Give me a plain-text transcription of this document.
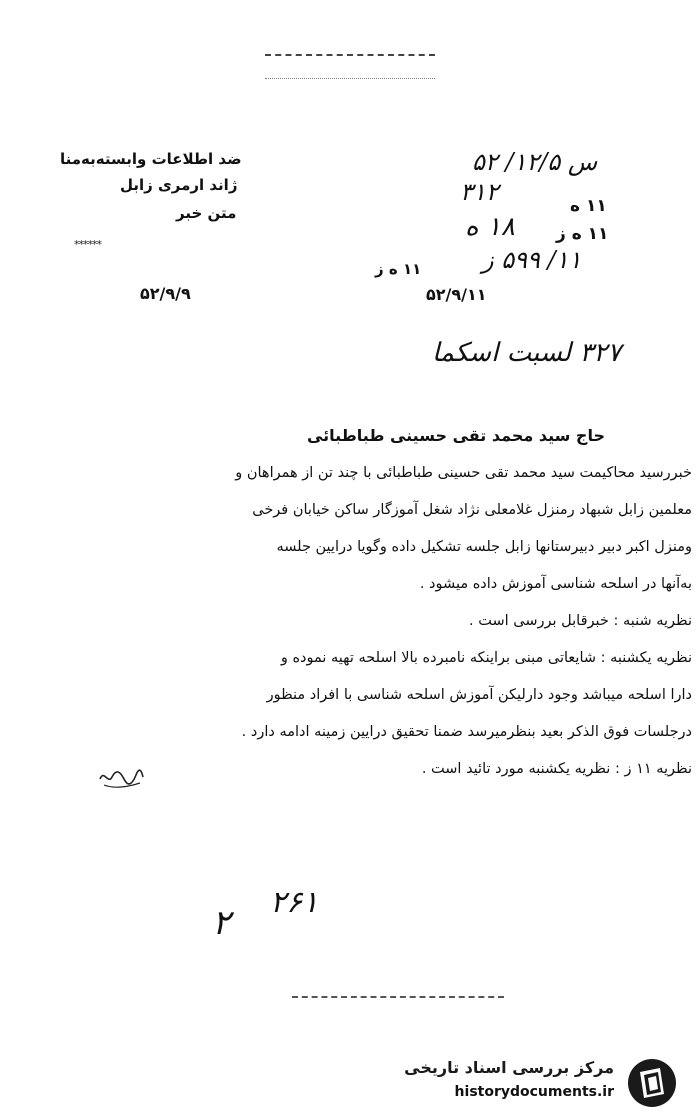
ضد اطلاعات وابسته‌به‌منا
ژاند ارمری زابل
متن خبر
******
۵۲/۹/۹
س‌ ۱۲/۵/ ۵۲
۳۱۲	۱۱ ه
۱۱ ه ز
۱۸ ه
۱۱/ ۵۹۹ ز
۱۱ ه ز
۵۲/۹/۱۱
۳۲۷ لسبت اسکما
حاج سید محمد تقی حسینی طباطبائی
خبررسید محاکیمت سید محمد تقی حسینی طباطبائی با چند تن از همراهان و
معلمین زابل شبهاد رمنزل غلامعلی نژاد شغل آموزگار ساکن خیابان فرخی
ومنزل اکبر دبیر دبیرستانها زابل جلسه تشکیل داده وگویا درایین جلسه
به‌آنها در اسلحه شناسی آموزش داده میشود .
نظریه شنبه : خبرقابل بررسی است .
نظریه یکشنبه : شایعاتی مبنی براینکه نامبرده بالا اسلحه تهیه نموده و
دارا اسلحه میباشد وجود دارلیکن آموزش اسلحه شناسی با افراد منظور
درجلسات فوق الذکر بعید بنظرمیرسد ضمنا تحقیق درایین زمینه ادامه دارد .
نظریه ۱۱ ز : نظریه یکشنبه مورد تائید است .
۲
۲۶۱
مرکز بررسی اسناد تاریخی
historydocuments.ir
